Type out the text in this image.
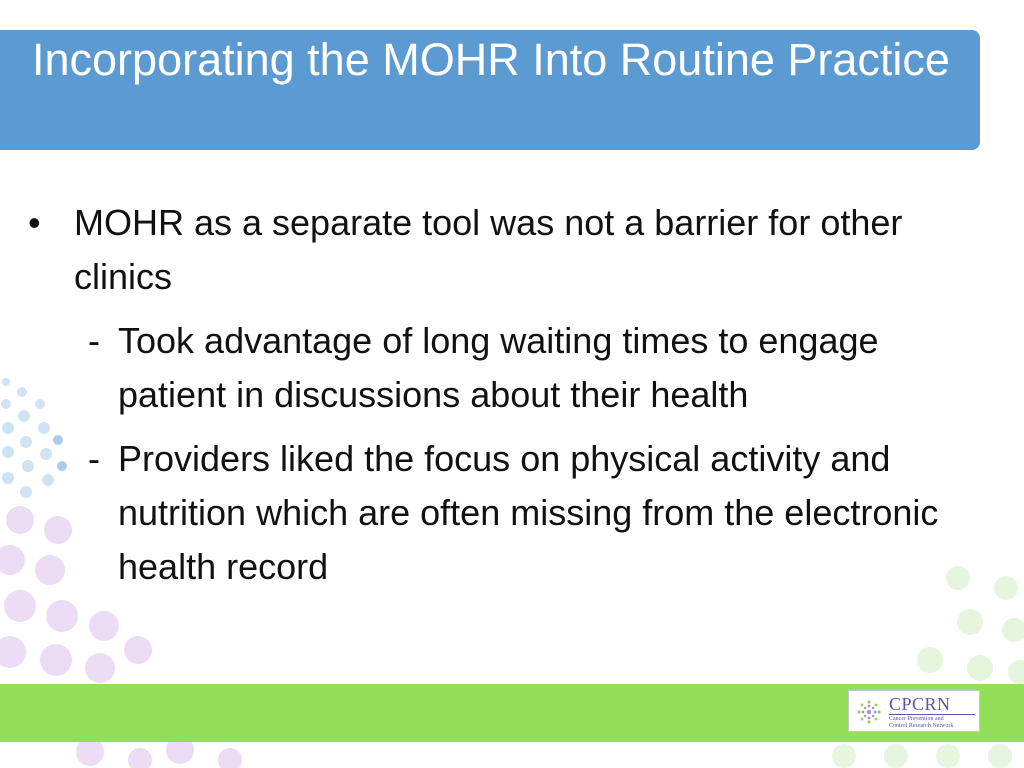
Incorporating the MOHR Into Routine Practice

• MOHR as a separate tool was not a barrier for other clinics

- Took advantage of long waiting times to engage patient in discussions about their health
- Providers liked the focus on physical activity and nutrition which are often missing from the electronic health record
CPCRN
Cancer Prevention and
Control Research Network
